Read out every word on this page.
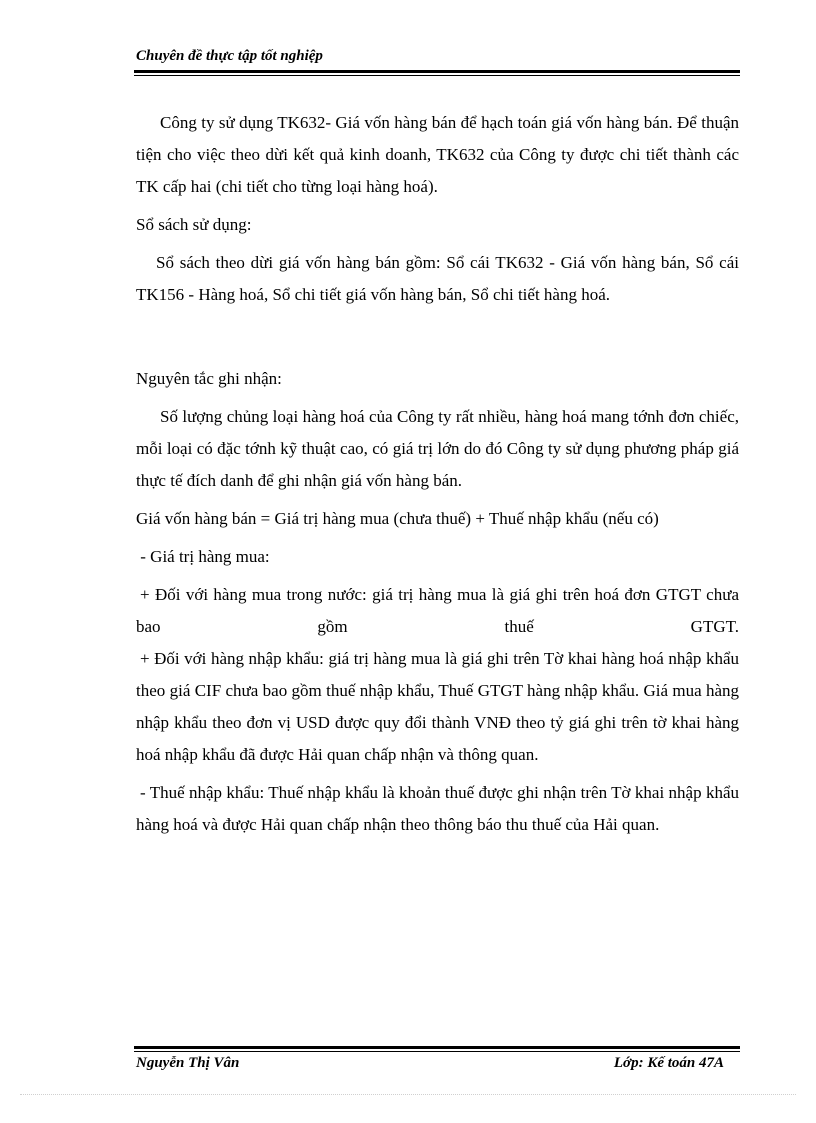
Chuyên đề thực tập tốt nghiệp

Công ty sử dụng TK632- Giá vốn hàng bán để hạch toán giá vốn hàng bán. Để thuận tiện cho việc theo dừi kết quả kinh doanh, TK632 của Công ty được chi tiết thành các TK cấp hai (chi tiết cho từng loại hàng hoá).

Sổ sách sử dụng:

Sổ sách theo dừi giá vốn hàng bán gồm: Sổ cái TK632 - Giá vốn hàng bán, Sổ cái TK156 - Hàng hoá, Sổ chi tiết giá vốn hàng bán, Sổ chi tiết hàng hoá.

Nguyên tắc ghi nhận:

Số lượng chủng loại hàng hoá của Công ty rất nhiều, hàng hoá mang tớnh đơn chiếc, mỗi loại có đặc tớnh kỹ thuật cao, có giá trị lớn do đó Công ty sử dụng phương pháp giá thực tế đích danh để ghi nhận giá vốn hàng bán.

Giá vốn hàng bán = Giá trị hàng mua (chưa thuế) + Thuế nhập khẩu (nếu có)

- Giá trị hàng mua:

+ Đối với hàng mua trong nước: giá trị hàng mua là giá ghi trên hoá đơn GTGT chưa bao gồm thuế GTGT.

+ Đối với hàng nhập khẩu: giá trị hàng mua là giá ghi trên Tờ khai hàng hoá nhập khẩu theo giá CIF chưa bao gồm thuế nhập khẩu, Thuế GTGT hàng nhập khẩu. Giá mua hàng nhập khẩu theo đơn vị USD được quy đổi thành VNĐ theo tỷ giá ghi trên tờ khai hàng hoá nhập khẩu đã được Hải quan chấp nhận và thông quan.

- Thuế nhập khẩu: Thuế nhập khẩu là khoản thuế được ghi nhận trên Tờ khai nhập khẩu hàng hoá và được Hải quan chấp nhận theo thông báo thu thuế của Hải quan.

Nguyễn Thị Vân	Lớp: Kế toán 47A
